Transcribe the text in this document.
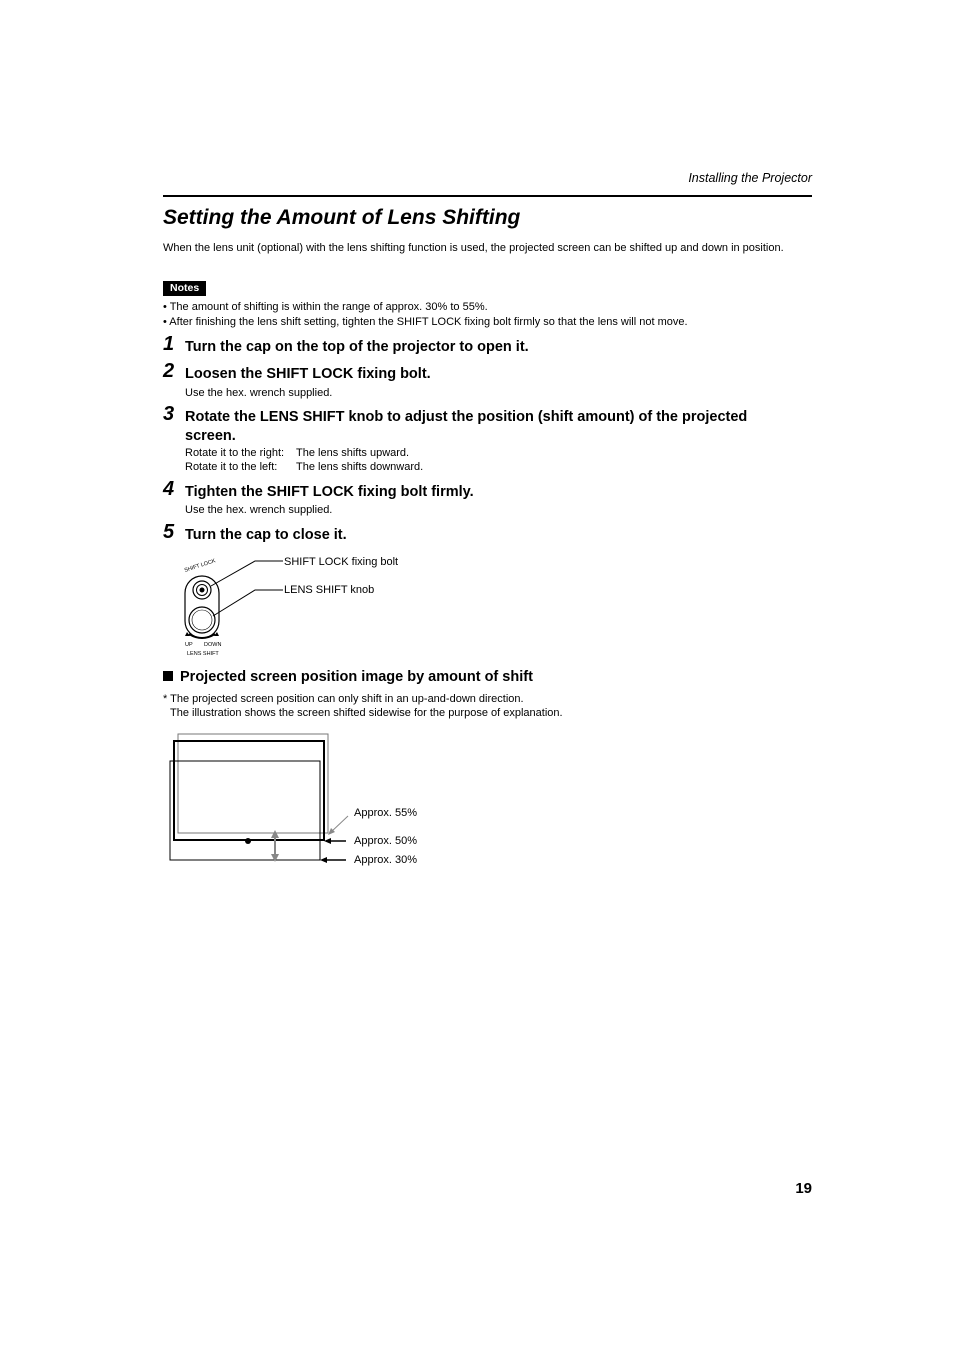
Installing the Projector
Setting the Amount of Lens Shifting
When the lens unit (optional) with the lens shifting function is used, the projected screen can be shifted up and down in position.
Notes
• The amount of shifting is within the range of approx. 30% to 55%.
• After finishing the lens shift setting, tighten the SHIFT LOCK fixing bolt firmly so that the lens will not move.
1 Turn the cap on the top of the projector to open it.
2 Loosen the SHIFT LOCK fixing bolt.
Use the hex. wrench supplied.
3 Rotate the LENS SHIFT knob to adjust the position (shift amount) of the projected
screen.
Rotate it to the right: The lens shifts upward.
Rotate it to the left: The lens shifts downward.
4 Tighten the SHIFT LOCK fixing bolt firmly.
Use the hex. wrench supplied.
5 Turn the cap to close it.
SHIFT LOCK
UP DOWN
LENS SHIFT
SHIFT LOCK fixing bolt
LENS SHIFT knob
Projected screen position image by amount of shift
* The projected screen position can only shift in an up-and-down direction.
The illustration shows the screen shifted sidewise for the purpose of explanation.
Approx. 55%
Approx. 50%
Approx. 30%
19
